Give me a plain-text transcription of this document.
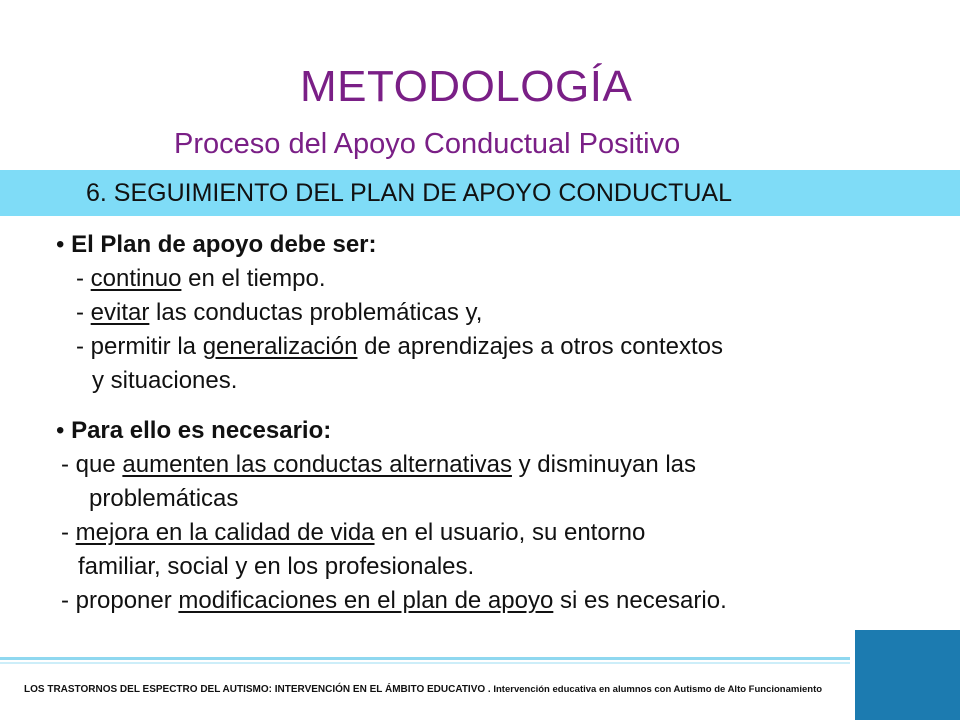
METODOLOGÍA
Proceso del Apoyo Conductual Positivo
6. SEGUIMIENTO DEL PLAN DE APOYO CONDUCTUAL
• El Plan de apoyo debe ser:
- continuo en el tiempo.
- evitar las conductas problemáticas y,
- permitir la generalización de aprendizajes a otros contextos
y situaciones.
• Para ello es necesario:
- que aumenten las conductas alternativas y disminuyan las
problemáticas
- mejora en la calidad de vida en el usuario, su entorno
familiar, social y en los profesionales.
- proponer modificaciones en el plan de apoyo si es necesario.
LOS TRASTORNOS DEL ESPECTRO DEL AUTISMO: INTERVENCIÓN EN EL ÁMBITO EDUCATIVO . Intervención educativa en alumnos con Autismo de Alto Funcionamiento
